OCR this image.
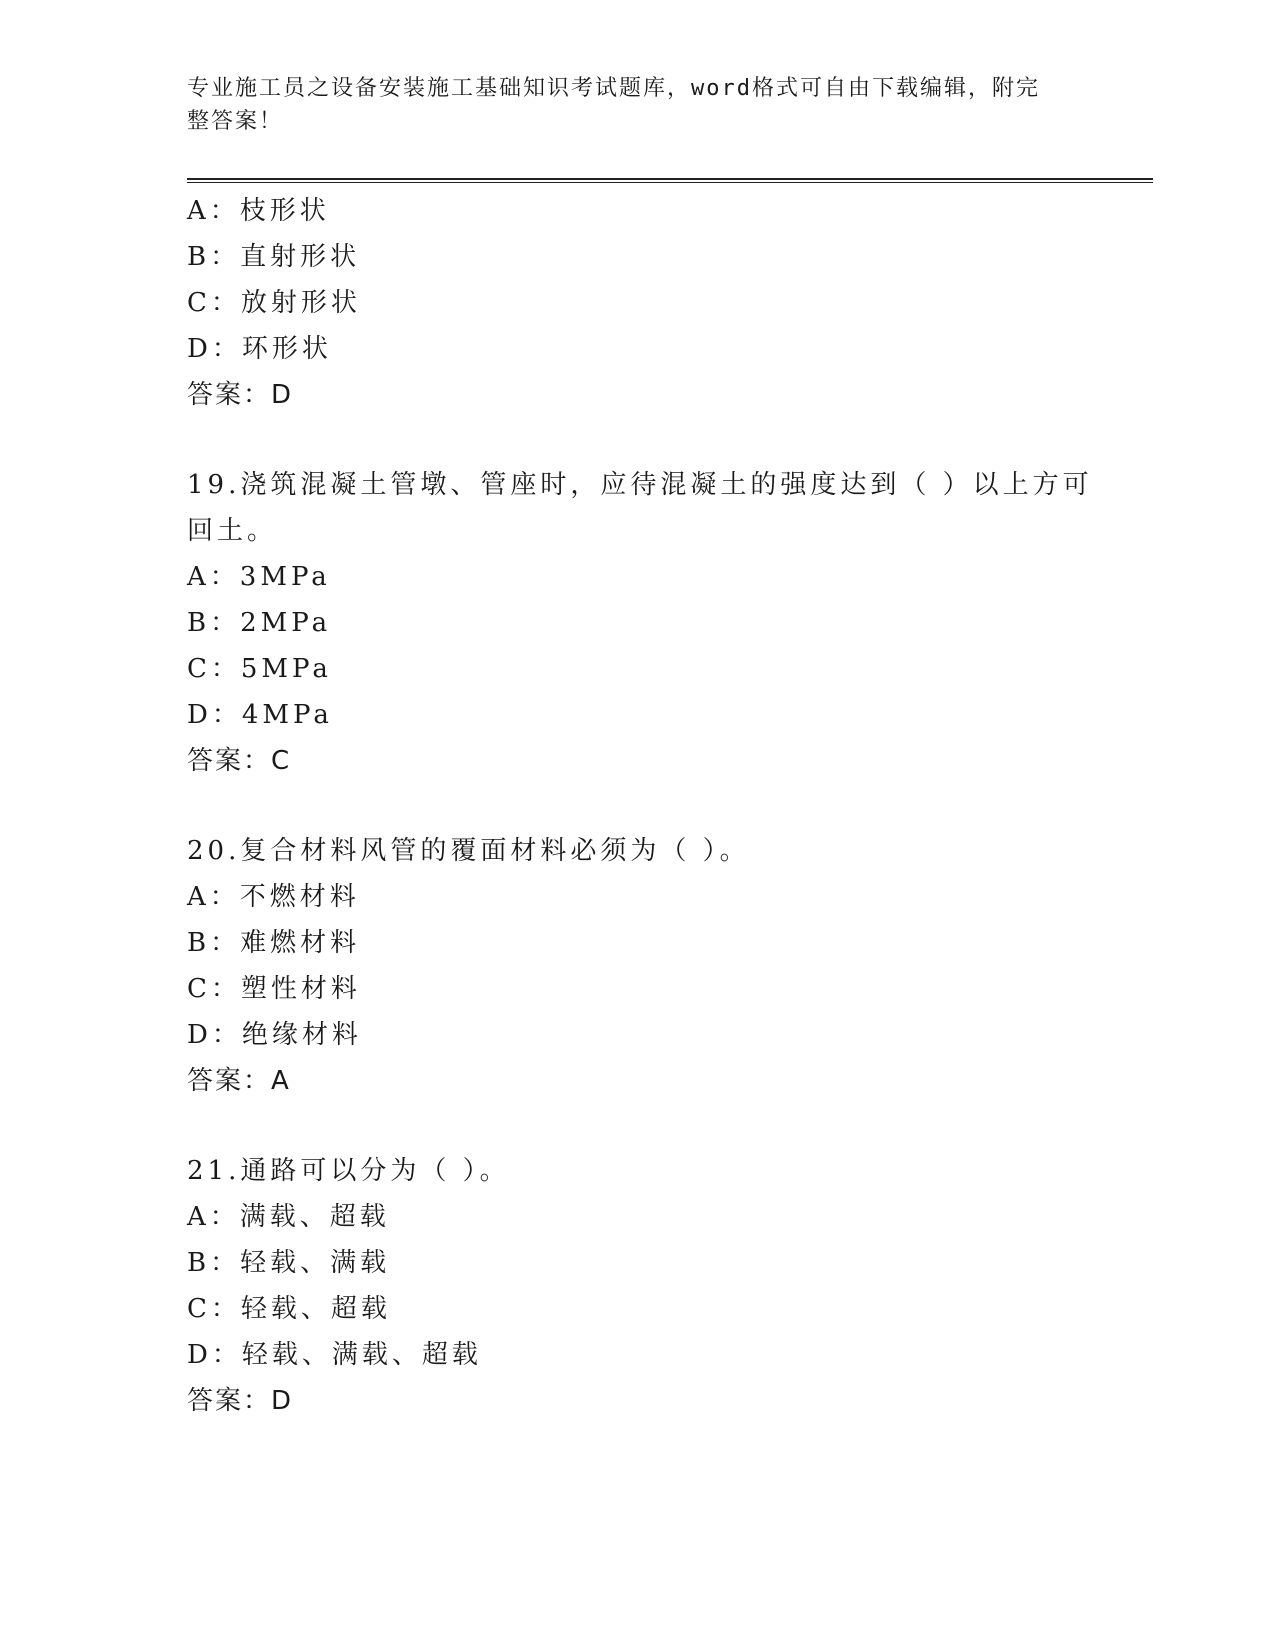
专业施工员之设备安装施工基础知识考试题库，word格式可自由下载编辑，附完
整答案！
A：枝形状
B：直射形状
C：放射形状
D：环形状
答案：D
19.浇筑混凝土管墩、管座时，应待混凝土的强度达到（ ）以上方可
回土。
A：3MPa
B：2MPa
C：5MPa
D：4MPa
答案：C
20.复合材料风管的覆面材料必须为（ ）。
A：不燃材料
B：难燃材料
C：塑性材料
D：绝缘材料
答案：A
21.通路可以分为（ ）。
A：满载、超载
B：轻载、满载
C：轻载、超载
D：轻载、满载、超载
答案：D
